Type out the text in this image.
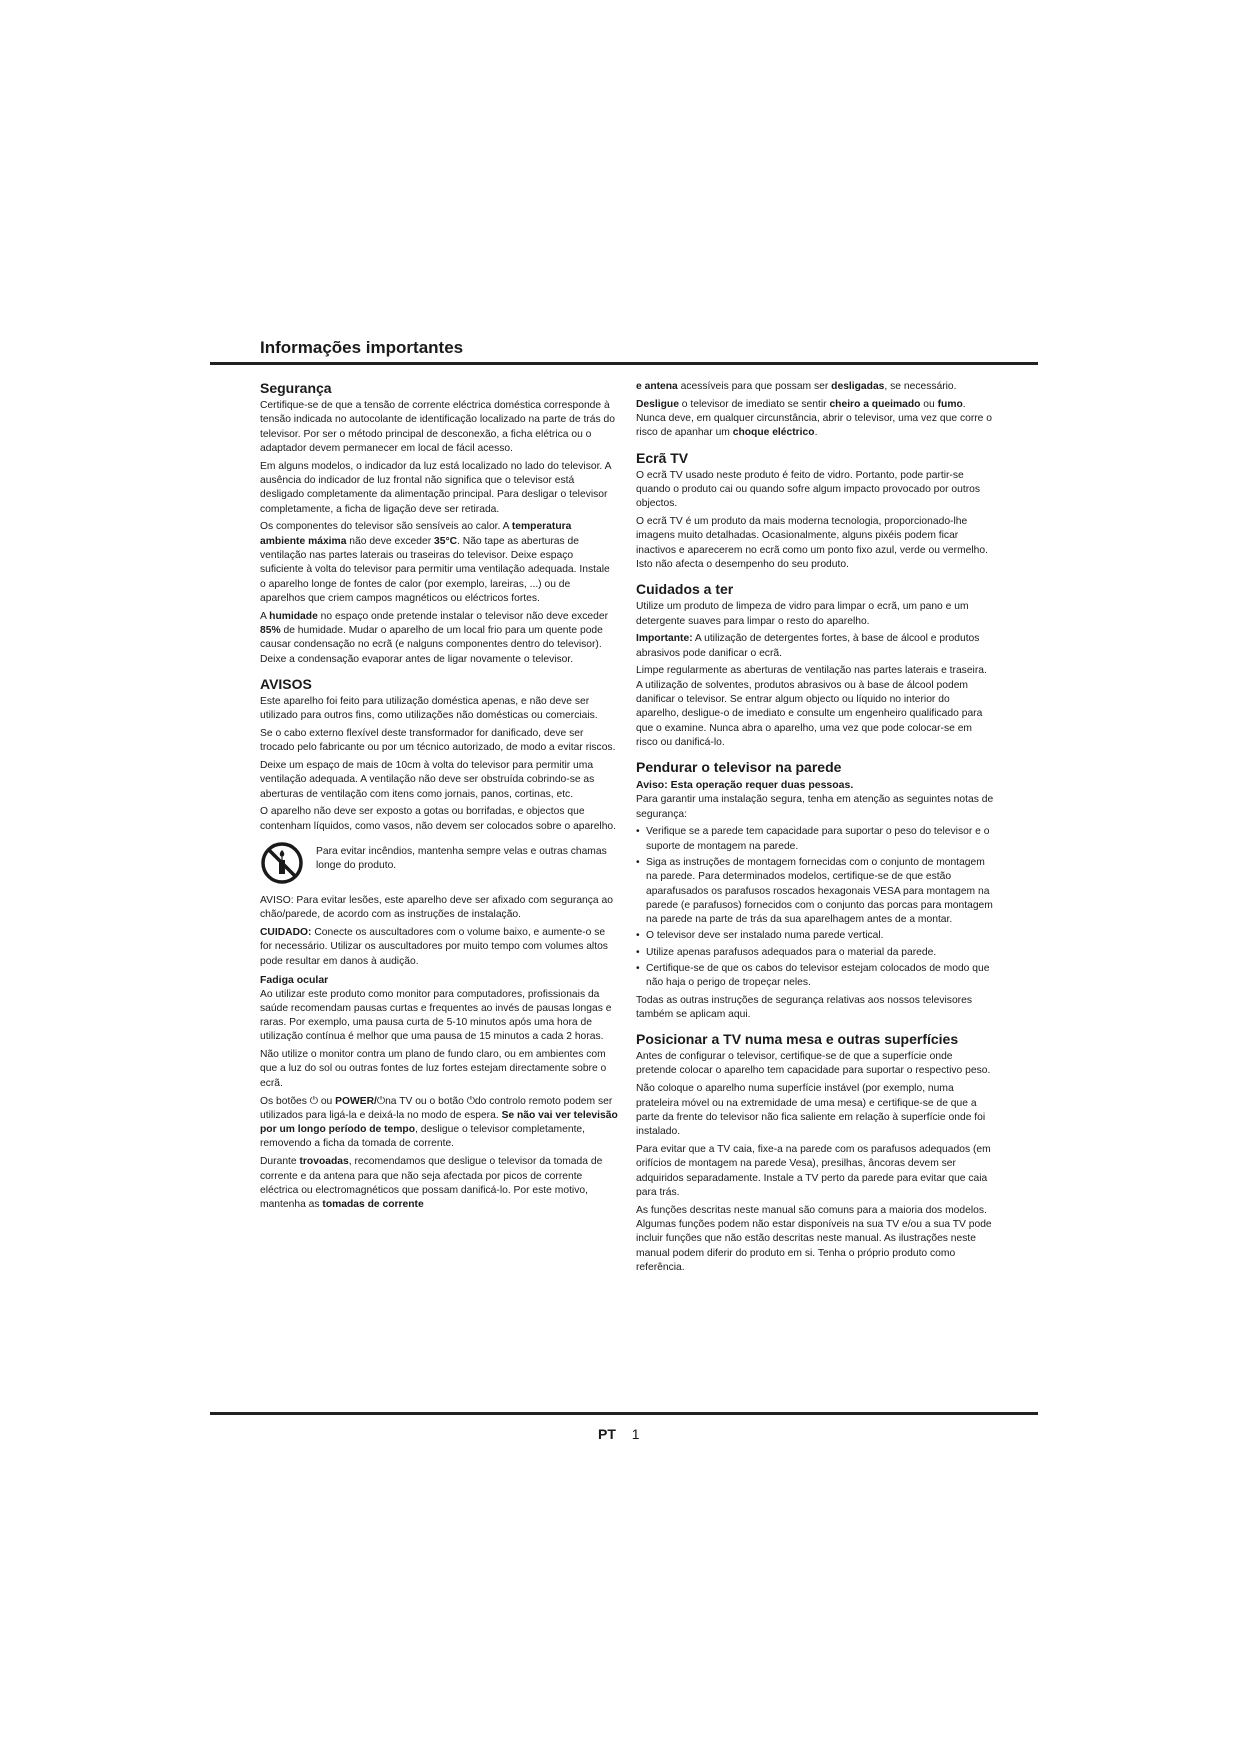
Informações importantes
Segurança

Certifique-se de que a tensão de corrente eléctrica doméstica corresponde à tensão indicada no autocolante de identificação localizado na parte de trás do televisor. Por ser o método principal de desconexão, a ficha elétrica ou o adaptador devem permanecer em local de fácil acesso.

Em alguns modelos, o indicador da luz está localizado no lado do televisor. A ausência do indicador de luz frontal não significa que o televisor está desligado completamente da alimentação principal. Para desligar o televisor completamente, a ficha de ligação deve ser retirada.

Os componentes do televisor são sensíveis ao calor. A temperatura ambiente máxima não deve exceder 35°C. Não tape as aberturas de ventilação nas partes laterais ou traseiras do televisor. Deixe espaço suficiente à volta do televisor para permitir uma ventilação adequada. Instale o aparelho longe de fontes de calor (por exemplo, lareiras, ...) ou de aparelhos que criem campos magnéticos ou eléctricos fortes.

A humidade no espaço onde pretende instalar o televisor não deve exceder 85% de humidade. Mudar o aparelho de um local frio para um quente pode causar condensação no ecrã (e nalguns componentes dentro do televisor). Deixe a condensação evaporar antes de ligar novamente o televisor.

AVISOS

Este aparelho foi feito para utilização doméstica apenas, e não deve ser utilizado para outros fins, como utilizações não domésticas ou comerciais.

Se o cabo externo flexível deste transformador for danificado, deve ser trocado pelo fabricante ou por um técnico autorizado, de modo a evitar riscos.

Deixe um espaço de mais de 10cm à volta do televisor para permitir uma ventilação adequada. A ventilação não deve ser obstruída cobrindo-se as aberturas de ventilação com itens como jornais, panos, cortinas, etc.

O aparelho não deve ser exposto a gotas ou borrifadas, e objectos que contenham líquidos, como vasos, não devem ser colocados sobre o aparelho.

Para evitar incêndios, mantenha sempre velas e outras chamas longe do produto.

AVISO: Para evitar lesões, este aparelho deve ser afixado com segurança ao chão/parede, de acordo com as instruções de instalação.

CUIDADO: Conecte os auscultadores com o volume baixo, e aumente-o se for necessário. Utilizar os auscultadores por muito tempo com volumes altos pode resultar em danos à audição.

Fadiga ocular

Ao utilizar este produto como monitor para computadores, profissionais da saúde recomendam pausas curtas e frequentes ao invés de pausas longas e raras. Por exemplo, uma pausa curta de 5-10 minutos após uma hora de utilização contínua é melhor que uma pausa de 15 minutos a cada 2 horas.

Não utilize o monitor contra um plano de fundo claro, ou em ambientes com que a luz do sol ou outras fontes de luz fortes estejam directamente sobre o ecrã.

Os botões ⏻ ou POWER/⏻na TV ou o botão ⏻do controlo remoto podem ser utilizados para ligá-la e deixá-la no modo de espera. Se não vai ver televisão por um longo período de tempo, desligue o televisor completamente, removendo a ficha da tomada de corrente.

Durante trovoadas, recomendamos que desligue o televisor da tomada de corrente e da antena para que não seja afectada por picos de corrente eléctrica ou electromagnéticos que possam danificá-lo. Por este motivo, mantenha as tomadas de corrente

e antena acessíveis para que possam ser desligadas, se necessário.

Desligue o televisor de imediato se sentir cheiro a queimado ou fumo. Nunca deve, em qualquer circunstância, abrir o televisor, uma vez que corre o risco de apanhar um choque eléctrico.

Ecrã TV

O ecrã TV usado neste produto é feito de vidro. Portanto, pode partir-se quando o produto cai ou quando sofre algum impacto provocado por outros objectos.

O ecrã TV é um produto da mais moderna tecnologia, proporcionado-lhe imagens muito detalhadas. Ocasionalmente, alguns pixéis podem ficar inactivos e aparecerem no ecrã como um ponto fixo azul, verde ou vermelho. Isto não afecta o desempenho do seu produto.

Cuidados a ter

Utilize um produto de limpeza de vidro para limpar o ecrã, um pano e um detergente suaves para limpar o resto do aparelho.

Importante: A utilização de detergentes fortes, à base de álcool e produtos abrasivos pode danificar o ecrã.

Limpe regularmente as aberturas de ventilação nas partes laterais e traseira. A utilização de solventes, produtos abrasivos ou à base de álcool podem danificar o televisor. Se entrar algum objecto ou líquido no interior do aparelho, desligue-o de imediato e consulte um engenheiro qualificado para que o examine. Nunca abra o aparelho, uma vez que pode colocar-se em risco ou danificá-lo.

Pendurar o televisor na parede
Aviso: Esta operação requer duas pessoas.

Para garantir uma instalação segura, tenha em atenção as seguintes notas de segurança:

• Verifique se a parede tem capacidade para suportar o peso do televisor e o suporte de montagem na parede.
• Siga as instruções de montagem fornecidas com o conjunto de montagem na parede. Para determinados modelos, certifique-se de que estão aparafusados os parafusos roscados hexagonais VESA para montagem na parede (e parafusos) fornecidos com o conjunto das porcas para montagem na parede na parte de trás da sua aparelhagem antes de a montar.
• O televisor deve ser instalado numa parede vertical.
• Utilize apenas parafusos adequados para o material da parede.
• Certifique-se de que os cabos do televisor estejam colocados de modo que não haja o perigo de tropeçar neles.

Todas as outras instruções de segurança relativas aos nossos televisores também se aplicam aqui.

Posicionar a TV numa mesa e outras superfícies

Antes de configurar o televisor, certifique-se de que a superfície onde pretende colocar o aparelho tem capacidade para suportar o respectivo peso.

Não coloque o aparelho numa superfície instável (por exemplo, numa prateleira móvel ou na extremidade de uma mesa) e certifique-se de que a parte da frente do televisor não fica saliente em relação à superfície onde foi instalado.

Para evitar que a TV caia, fixe-a na parede com os parafusos adequados (em orifícios de montagem na parede Vesa), presilhas, âncoras devem ser adquiridos separadamente. Instale a TV perto da parede para evitar que caia para trás.

As funções descritas neste manual são comuns para a maioria dos modelos. Algumas funções podem não estar disponíveis na sua TV e/ou a sua TV pode incluir funções que não estão descritas neste manual. As ilustrações neste manual podem diferir do produto em si. Tenha o próprio produto como referência.

PT 1
